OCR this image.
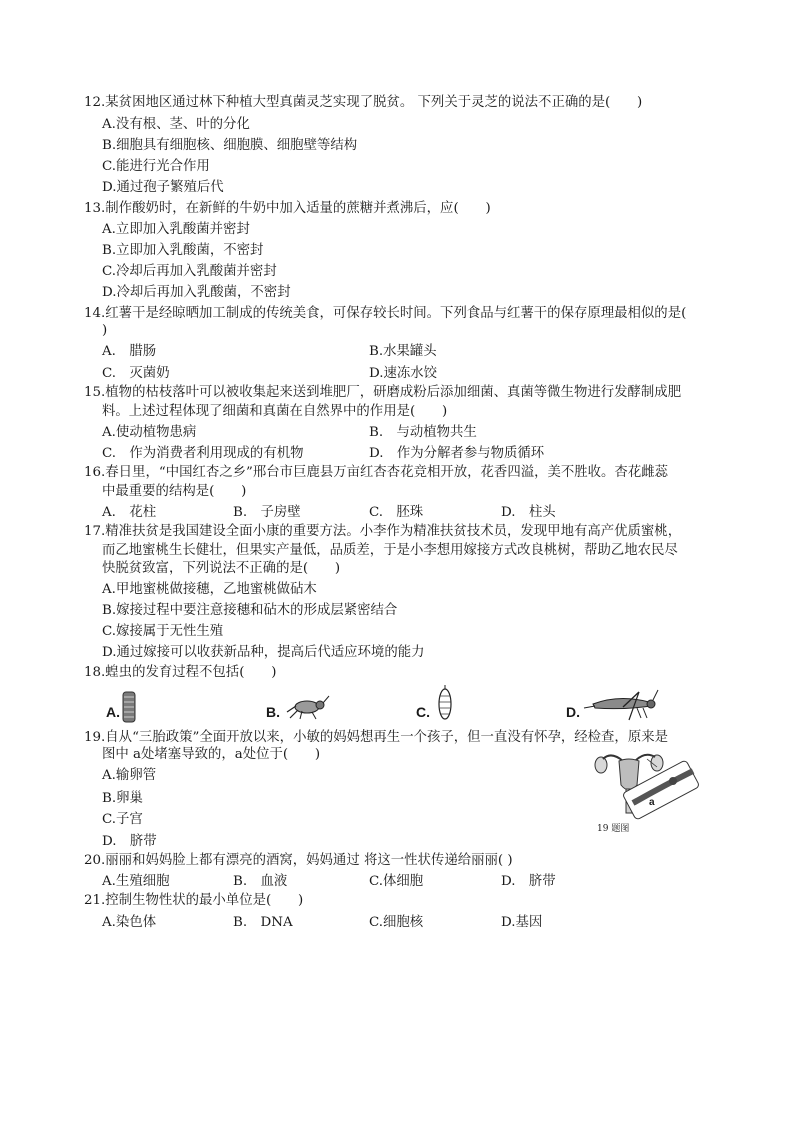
12.某贫困地区通过林下种植大型真菌灵芝实现了脱贫。 下列关于灵芝的说法不正确的是(　　)
A.没有根、茎、叶的分化
B.细胞具有细胞核、细胞膜、细胞壁等结构
C.能进行光合作用
D.通过孢子繁殖后代
13.制作酸奶时，在新鲜的牛奶中加入适量的蔗糖并煮沸后，应(　　)
A.立即加入乳酸菌并密封
B.立即加入乳酸菌，不密封
C.冷却后再加入乳酸菌并密封
D.冷却后再加入乳酸菌，不密封
14.红薯干是经晾晒加工制成的传统美食，可保存较长时间。下列食品与红薯干的保存原理最相似的是(
)
A.　腊肠	B.水果罐头
C.　灭菌奶	D.速冻水饺
15.植物的枯枝落叶可以被收集起来送到堆肥厂，研磨成粉后添加细菌、真菌等微生物进行发酵制成肥
料。上述过程体现了细菌和真菌在自然界中的作用是(　　)
A.使动植物患病	B.　与动植物共生
C.　作为消费者利用现成的有机物	D.　作为分解者参与物质循环
16.春日里，“中国红杏之乡”邢台市巨鹿县万亩红杏杏花竞相开放，花香四溢，美不胜收。杏花雌蕊
中最重要的结构是(　　)
A.　花柱	B.　子房壁	C.　胚珠	D.　柱头
17.精准扶贫是我国建设全面小康的重要方法。小李作为精准扶贫技术员，发现甲地有高产优质蜜桃，
而乙地蜜桃生长健壮，但果实产量低，品质差，于是小李想用嫁接方式改良桃树，帮助乙地农民尽
快脱贫致富，下列说法不正确的是(　　)
A.甲地蜜桃做接穗，乙地蜜桃做砧木
B.嫁接过程中要注意接穗和砧木的形成层紧密结合
C.嫁接属于无性生殖
D.通过嫁接可以收获新品种，提高后代适应环境的能力
18.蝗虫的发育过程不包括(　　)
A.	B.	C.	D.
19.自从“三胎政策”全面开放以来，小敏的妈妈想再生一个孩子，但一直没有怀孕，经检查，原来是
图中 a处堵塞导致的，a处位于(　　)
A.输卵管
B.卵巢
C.子宫
D.　脐带
a
19 题图
20.丽丽和妈妈脸上都有漂亮的酒窝，妈妈通过 将这一性状传递给丽丽( )
A.生殖细胞	B.　血液	C.体细胞	D.　脐带
21.控制生物性状的最小单位是(　　)
A.染色体	B.　DNA	C.细胞核	D.基因
